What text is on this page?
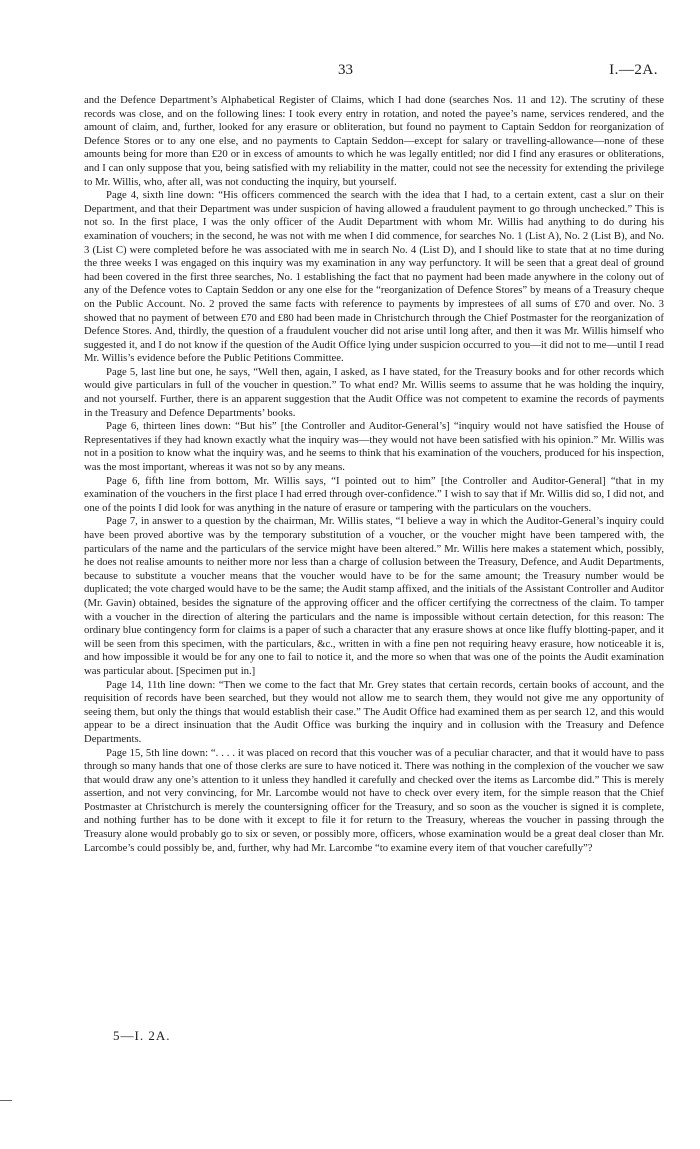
33	I.—2A.

and the Defence Department’s Alphabetical Register of Claims, which I had done (searches Nos. 11 and 12). The scrutiny of these records was close, and on the following lines: I took every entry in rotation, and noted the payee’s name, services rendered, and the amount of claim, and, further, looked for any erasure or obliteration, but found no payment to Captain Seddon for reorganization of Defence Stores or to any one else, and no payments to Captain Seddon—except for salary or travelling-allowance—none of these amounts being for more than £20 or in excess of amounts to which he was legally entitled; nor did I find any erasures or obliterations, and I can only suppose that you, being satisfied with my reliability in the matter, could not see the necessity for extending the privilege to Mr. Willis, who, after all, was not conducting the inquiry, but yourself.

Page 4, sixth line down: “His officers commenced the search with the idea that I had, to a certain extent, cast a slur on their Department, and that their Department was under suspicion of having allowed a fraudulent payment to go through unchecked.” This is not so. In the first place, I was the only officer of the Audit Department with whom Mr. Willis had anything to do during his examination of vouchers; in the second, he was not with me when I did commence, for searches No. 1 (List A), No. 2 (List B), and No. 3 (List C) were completed before he was associated with me in search No. 4 (List D), and I should like to state that at no time during the three weeks I was engaged on this inquiry was my examination in any way perfunctory. It will be seen that a great deal of ground had been covered in the first three searches, No. 1 establishing the fact that no payment had been made anywhere in the colony out of any of the Defence votes to Captain Seddon or any one else for the “reorganization of Defence Stores” by means of a Treasury cheque on the Public Account. No. 2 proved the same facts with reference to payments by imprestees of all sums of £70 and over. No. 3 showed that no payment of between £70 and £80 had been made in Christchurch through the Chief Postmaster for the reorganization of Defence Stores. And, thirdly, the question of a fraudulent voucher did not arise until long after, and then it was Mr. Willis himself who suggested it, and I do not know if the question of the Audit Office lying under suspicion occurred to you—it did not to me—until I read Mr. Willis’s evidence before the Public Petitions Committee.

Page 5, last line but one, he says, “Well then, again, I asked, as I have stated, for the Treasury books and for other records which would give particulars in full of the voucher in question.” To what end? Mr. Willis seems to assume that he was holding the inquiry, and not yourself. Further, there is an apparent suggestion that the Audit Office was not competent to examine the records of payments in the Treasury and Defence Departments’ books.

Page 6, thirteen lines down: “But his” [the Controller and Auditor-General’s] “inquiry would not have satisfied the House of Representatives if they had known exactly what the inquiry was—they would not have been satisfied with his opinion.” Mr. Willis was not in a position to know what the inquiry was, and he seems to think that his examination of the vouchers, produced for his inspection, was the most important, whereas it was not so by any means.

Page 6, fifth line from bottom, Mr. Willis says, “I pointed out to him” [the Controller and Auditor-General] “that in my examination of the vouchers in the first place I had erred through over-confidence.” I wish to say that if Mr. Willis did so, I did not, and one of the points I did look for was anything in the nature of erasure or tampering with the particulars on the vouchers.

Page 7, in answer to a question by the chairman, Mr. Willis states, “I believe a way in which the Auditor-General’s inquiry could have been proved abortive was by the temporary substitution of a voucher, or the voucher might have been tampered with, the particulars of the name and the particulars of the service might have been altered.” Mr. Willis here makes a statement which, possibly, he does not realise amounts to neither more nor less than a charge of collusion between the Treasury, Defence, and Audit Departments, because to substitute a voucher means that the voucher would have to be for the same amount; the Treasury number would be duplicated; the vote charged would have to be the same; the Audit stamp affixed, and the initials of the Assistant Controller and Auditor (Mr. Gavin) obtained, besides the signature of the approving officer and the officer certifying the correctness of the claim. To tamper with a voucher in the direction of altering the particulars and the name is impossible without certain detection, for this reason: The ordinary blue contingency form for claims is a paper of such a character that any erasure shows at once like fluffy blotting-paper, and it will be seen from this specimen, with the particulars, &c., written in with a fine pen not requiring heavy erasure, how noticeable it is, and how impossible it would be for any one to fail to notice it, and the more so when that was one of the points the Audit examination was particular about. [Specimen put in.]

Page 14, 11th line down: “Then we come to the fact that Mr. Grey states that certain records, certain books of account, and the requisition of records have been searched, but they would not allow me to search them, they would not give me any opportunity of seeing them, but only the things that would establish their case.” The Audit Office had examined them as per search 12, and this would appear to be a direct insinuation that the Audit Office was burking the inquiry and in collusion with the Treasury and Defence Departments.

Page 15, 5th line down: “. . . . it was placed on record that this voucher was of a peculiar character, and that it would have to pass through so many hands that one of those clerks are sure to have noticed it. There was nothing in the complexion of the voucher we saw that would draw any one’s attention to it unless they handled it carefully and checked over the items as Larcombe did.” This is merely assertion, and not very convincing, for Mr. Larcombe would not have to check over every item, for the simple reason that the Chief Postmaster at Christchurch is merely the countersigning officer for the Treasury, and so soon as the voucher is signed it is complete, and nothing further has to be done with it except to file it for return to the Treasury, whereas the voucher in passing through the Treasury alone would probably go to six or seven, or possibly more, officers, whose examination would be a great deal closer than Mr. Larcombe’s could possibly be, and, further, why had Mr. Larcombe “to examine every item of that voucher carefully”?

5—I. 2A.
